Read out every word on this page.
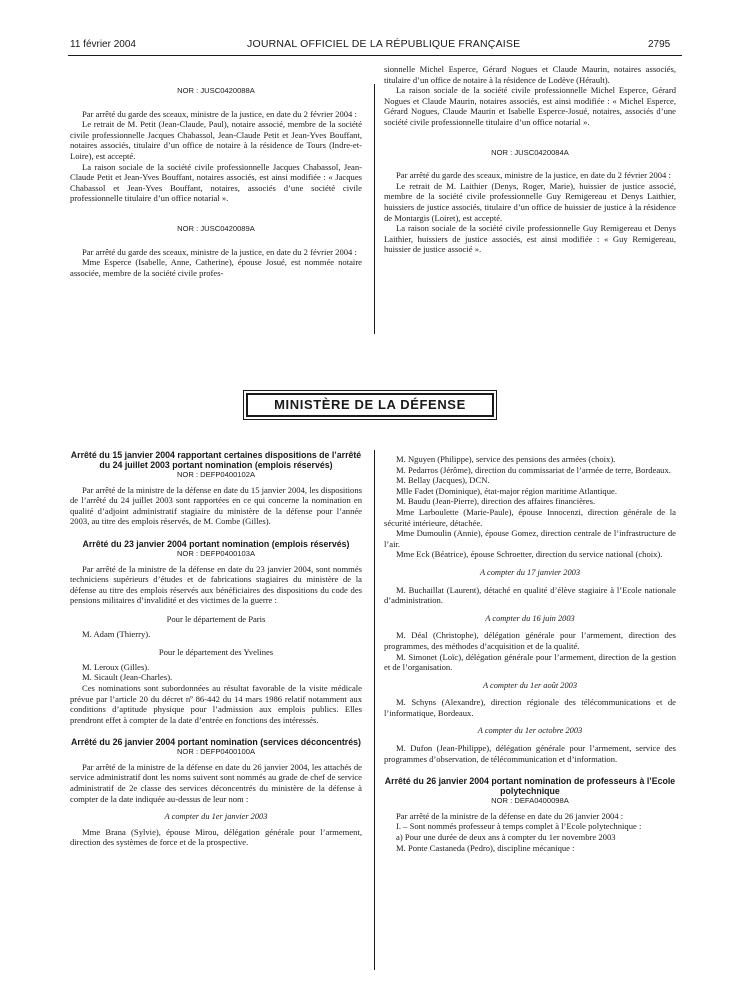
11 février 2004	JOURNAL OFFICIEL DE LA RÉPUBLIQUE FRANÇAISE	2795

NOR : JUSC0420088A

Par arrêté du garde des sceaux, ministre de la justice, en date du 2 février 2004 :

Le retrait de M. Petit (Jean-Claude, Paul), notaire associé, membre de la société civile professionnelle Jacques Chabassol, Jean-Claude Petit et Jean-Yves Bouffant, notaires associés, titulaire d’un office de notaire à la résidence de Tours (Indre-et-Loire), est accepté.

La raison sociale de la société civile professionnelle Jacques Chabassol, Jean-Claude Petit et Jean-Yves Bouffant, notaires associés, est ainsi modifiée : « Jacques Chabassol et Jean-Yves Bouffant, notaires, associés d’une société civile professionnelle titulaire d’un office notarial ».

NOR : JUSC0420089A

Par arrêté du garde des sceaux, ministre de la justice, en date du 2 février 2004 :

Mme Esperce (Isabelle, Anne, Catherine), épouse Josué, est nommée notaire associée, membre de la société civile profes-

sionnelle Michel Esperce, Gérard Nogues et Claude Maurin, notaires associés, titulaire d’un office de notaire à la résidence de Lodève (Hérault).

La raison sociale de la société civile professionnelle Michel Esperce, Gérard Nogues et Claude Maurin, notaires associés, est ainsi modifiée : « Michel Esperce, Gérard Nogues, Claude Maurin et Isabelle Esperce-Josué, notaires, associés d’une société civile professionnelle titulaire d’un office notarial ».

NOR : JUSC0420084A

Par arrêté du garde des sceaux, ministre de la justice, en date du 2 février 2004 :

Le retrait de M. Laithier (Denys, Roger, Marie), huissier de justice associé, membre de la société civile professionnelle Guy Remigereau et Denys Laithier, huissiers de justice associés, titulaire d’un office de huissier de justice à la résidence de Montargis (Loiret), est accepté.

La raison sociale de la société civile professionnelle Guy Remigereau et Denys Laithier, huissiers de justice associés, est ainsi modifiée : « Guy Remigereau, huissier de justice associé ».

MINISTÈRE DE LA DÉFENSE

Arrêté du 15 janvier 2004 rapportant certaines dispositions de l’arrêté du 24 juillet 2003 portant nomination (emplois réservés)

NOR : DEFP0400102A

Par arrêté de la ministre de la défense en date du 15 janvier 2004, les dispositions de l’arrêté du 24 juillet 2003 sont rapportées en ce qui concerne la nomination en qualité d’adjoint administratif stagiaire du ministère de la défense pour l’année 2003, au titre des emplois réservés, de M. Combe (Gilles).

Arrêté du 23 janvier 2004 portant nomination (emplois réservés)

NOR : DEFP0400103A

Par arrêté de la ministre de la défense en date du 23 janvier 2004, sont nommés techniciens supérieurs d’études et de fabrications stagiaires du ministère de la défense au titre des emplois réservés aux bénéficiaires des dispositions du code des pensions militaires d’invalidité et des victimes de la guerre :

Pour le département de Paris

M. Adam (Thierry).

Pour le département des Yvelines

M. Leroux (Gilles).

M. Sicault (Jean-Charles).

Ces nominations sont subordonnées au résultat favorable de la visite médicale prévue par l’article 20 du décret nº 86-442 du 14 mars 1986 relatif notamment aux conditions d’aptitude physique pour l’admission aux emplois publics. Elles prendront effet à compter de la date d’entrée en fonctions des intéressés.

Arrêté du 26 janvier 2004 portant nomination (services déconcentrés)

NOR : DEFP0400100A

Par arrêté de la ministre de la défense en date du 26 janvier 2004, les attachés de service administratif dont les noms suivent sont nommés au grade de chef de service administratif de 2e classe des services déconcentrés du ministère de la défense à compter de la date indiquée au-dessus de leur nom :

A compter du 1er janvier 2003

Mme Brana (Sylvie), épouse Mirou, délégation générale pour l’armement, direction des systèmes de force et de la prospective.

M. Nguyen (Philippe), service des pensions des armées (choix).

M. Pedarros (Jérôme), direction du commissariat de l’armée de terre, Bordeaux.

M. Bellay (Jacques), DCN.

Mlle Fadet (Dominique), état-major région maritime Atlantique.

M. Baudu (Jean-Pierre), direction des affaires financières.

Mme Larboulette (Marie-Paule), épouse Innocenzi, direction générale de la sécurité intérieure, détachée.

Mme Dumoulin (Annie), épouse Gomez, direction centrale de l’infrastructure de l’air.

Mme Eck (Béatrice), épouse Schroetter, direction du service national (choix).

A compter du 17 janvier 2003

M. Buchaillat (Laurent), détaché en qualité d’élève stagiaire à l’Ecole nationale d’administration.

A compter du 16 juin 2003

M. Déal (Christophe), délégation générale pour l’armement, direction des programmes, des méthodes d’acquisition et de la qualité.

M. Simonet (Loïc), délégation générale pour l’armement, direction de la gestion et de l’organisation.

A compter du 1er août 2003

M. Schyns (Alexandre), direction régionale des télécommunications et de l’informatique, Bordeaux.

A compter du 1er octobre 2003

M. Dufon (Jean-Philippe), délégation générale pour l’armement, service des programmes d’observation, de télécommunication et d’information.

Arrêté du 26 janvier 2004 portant nomination de professeurs à l’Ecole polytechnique

NOR : DEFA0400098A

Par arrêté de la ministre de la défense en date du 26 janvier 2004 :

I. – Sont nommés professeur à temps complet à l’Ecole polytechnique :

a) Pour une durée de deux ans à compter du 1er novembre 2003

M. Ponte Castaneda (Pedro), discipline mécanique :
